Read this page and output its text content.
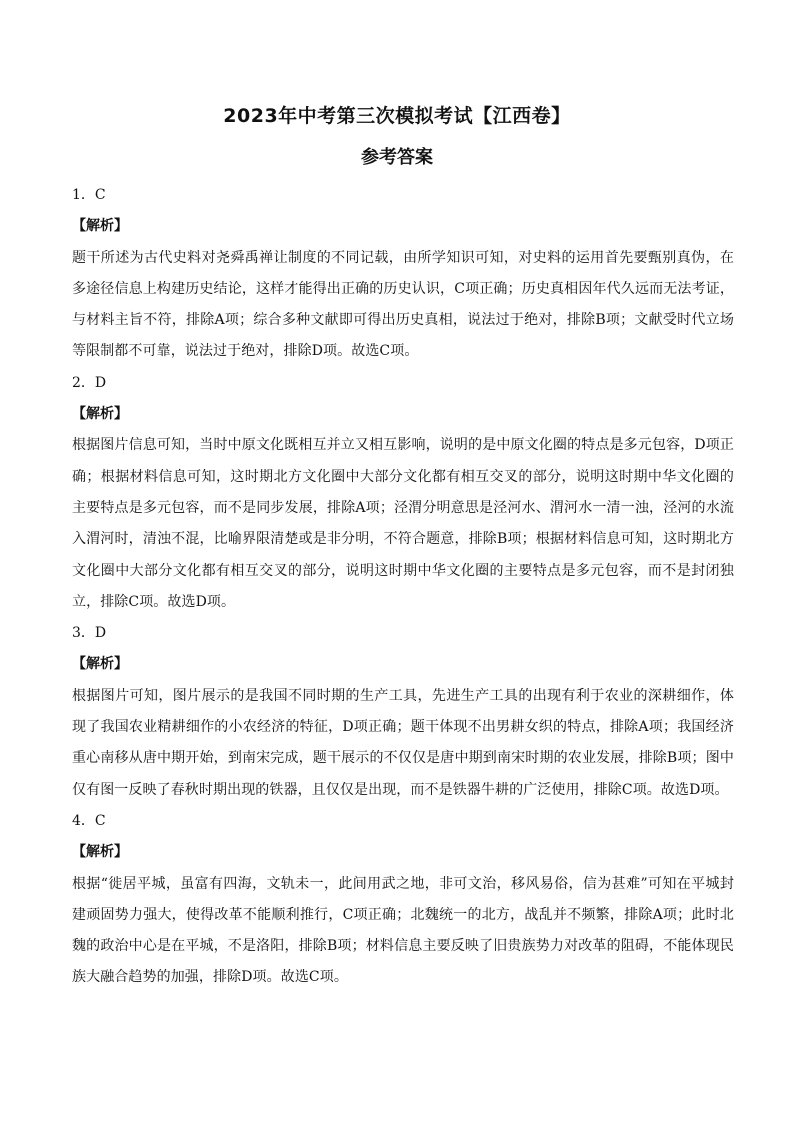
2023年中考第三次模拟考试【江西卷】
参考答案
1．C
【解析】
题干所述为古代史料对尧舜禹禅让制度的不同记载，由所学知识可知，对史料的运用首先要甄别真伪，在多途径信息上构建历史结论，这样才能得出正确的历史认识，C项正确；历史真相因年代久远而无法考证，与材料主旨不符，排除A项；综合多种文献即可得出历史真相，说法过于绝对，排除B项；文献受时代立场等限制都不可靠，说法过于绝对，排除D项。故选C项。
2．D
【解析】
根据图片信息可知，当时中原文化既相互并立又相互影响，说明的是中原文化圈的特点是多元包容，D项正确；根据材料信息可知，这时期北方文化圈中大部分文化都有相互交叉的部分，说明这时期中华文化圈的主要特点是多元包容，而不是同步发展，排除A项；泾渭分明意思是泾河水、渭河水一清一浊，泾河的水流入渭河时，清浊不混，比喻界限清楚或是非分明，不符合题意，排除B项；根据材料信息可知，这时期北方文化圈中大部分文化都有相互交叉的部分，说明这时期中华文化圈的主要特点是多元包容，而不是封闭独立，排除C项。故选D项。
3．D
【解析】
根据图片可知，图片展示的是我国不同时期的生产工具，先进生产工具的出现有利于农业的深耕细作，体现了我国农业精耕细作的小农经济的特征，D项正确；题干体现不出男耕女织的特点，排除A项；我国经济重心南移从唐中期开始，到南宋完成，题干展示的不仅仅是唐中期到南宋时期的农业发展，排除B项；图中仅有图一反映了春秋时期出现的铁器，且仅仅是出现，而不是铁器牛耕的广泛使用，排除C项。故选D项。
4．C
【解析】
根据“徙居平城，虽富有四海，文轨未一，此间用武之地，非可文治，移风易俗，信为甚难”可知在平城封建顽固势力强大，使得改革不能顺利推行，C项正确；北魏统一的北方，战乱并不频繁，排除A项；此时北魏的政治中心是在平城，不是洛阳，排除B项；材料信息主要反映了旧贵族势力对改革的阻碍，不能体现民族大融合趋势的加强，排除D项。故选C项。
